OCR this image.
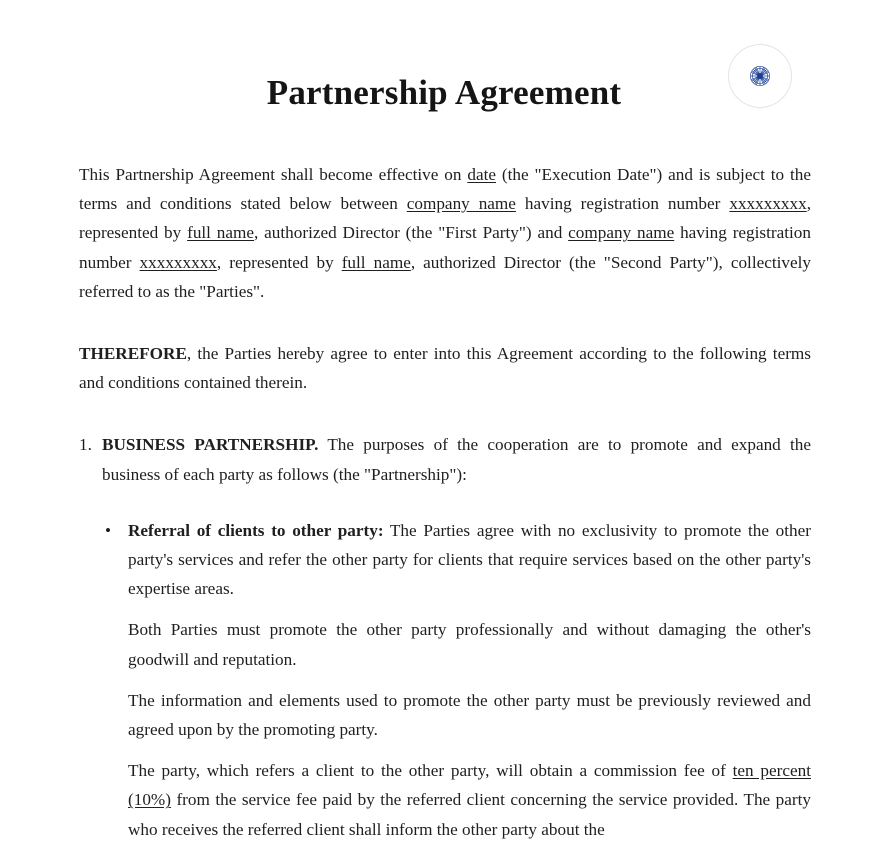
Partnership Agreement

This Partnership Agreement shall become effective on date (the "Execution Date") and is subject to the terms and conditions stated below between company name having registration number xxxxxxxxx, represented by full name, authorized Director (the "First Party") and company name having registration number xxxxxxxxx, represented by full name, authorized Director (the "Second Party"), collectively referred to as the "Parties".

THEREFORE, the Parties hereby agree to enter into this Agreement according to the following terms and conditions contained therein.

1. BUSINESS PARTNERSHIP. The purposes of the cooperation are to promote and expand the business of each party as follows (the "Partnership"):

• Referral of clients to other party: The Parties agree with no exclusivity to promote the other party's services and refer the other party for clients that require services based on the other party's expertise areas.

Both Parties must promote the other party professionally and without damaging the other's goodwill and reputation.

The information and elements used to promote the other party must be previously reviewed and agreed upon by the promoting party.

The party, which refers a client to the other party, will obtain a commission fee of ten percent (10%) from the service fee paid by the referred client concerning the service provided. The party who receives the referred client shall inform the other party about the
